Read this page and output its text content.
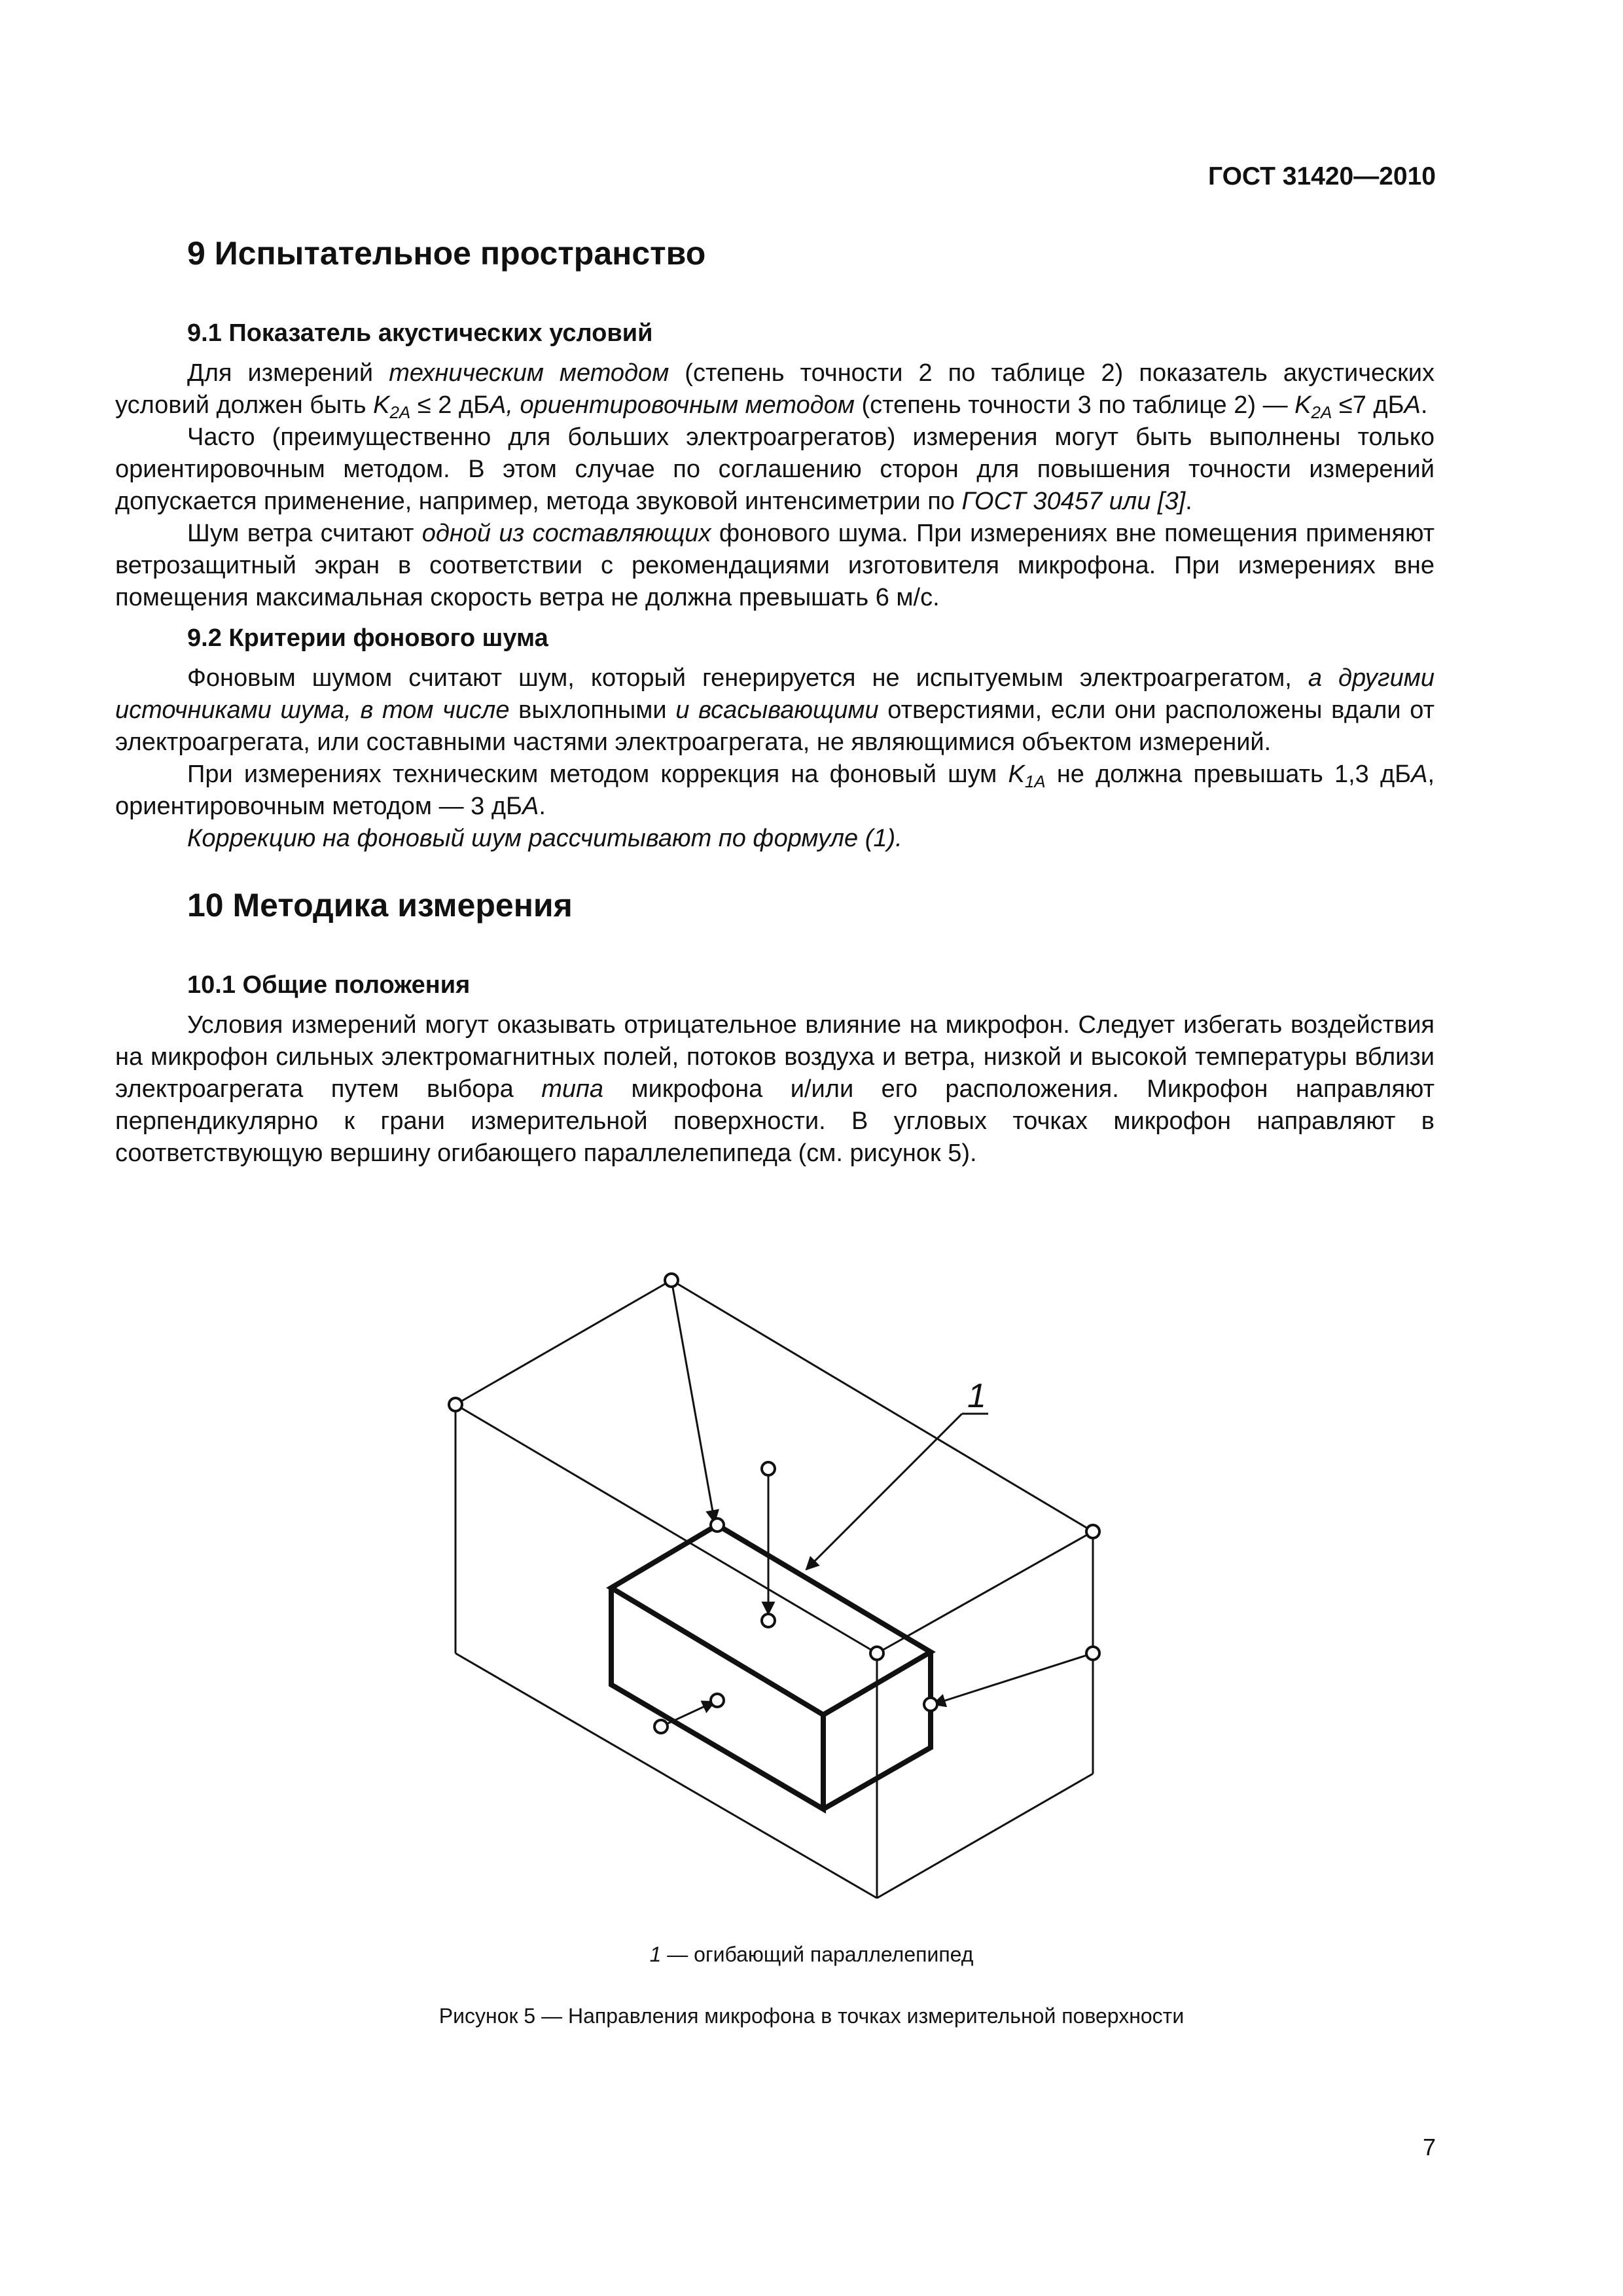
ГОСТ 31420—2010
9 Испытательное пространство
9.1 Показатель акустических условий

Для измерений техническим методом (степень точности 2 по таблице 2) показатель акустических условий должен быть $K_{2A} \le 2$ дБA, ориентировочным методом (степень точности 3 по таблице 2) — $K_{2A} \le 7$ дБA.

Часто (преимущественно для больших электроагрегатов) измерения могут быть выполнены только ориентировочным методом. В этом случае по соглашению сторон для повышения точности измерений допускается применение, например, метода звуковой интенсиметрии по ГОСТ 30457 или [3].

Шум ветра считают одной из составляющих фонового шума. При измерениях вне помещения применяют ветрозащитный экран в соответствии с рекомендациями изготовителя микрофона. При измерениях вне помещения максимальная скорость ветра не должна превышать 6 м/с.

9.2 Критерии фонового шума

Фоновым шумом считают шум, который генерируется не испытуемым электроагрегатом, а другими источниками шума, в том числе выхлопными и всасывающими отверстиями, если они расположены вдали от электроагрегата, или составными частями электроагрегата, не являющимися объектом измерений.

При измерениях техническим методом коррекция на фоновый шум $K_{1A}$ не должна превышать 1,3 дБA, ориентировочным методом — 3 дБA.

Коррекцию на фоновый шум рассчитывают по формуле (1).

10 Методика измерения
10.1 Общие положения

Условия измерений могут оказывать отрицательное влияние на микрофон. Следует избегать воздействия на микрофон сильных электромагнитных полей, потоков воздуха и ветра, низкой и высокой температуры вблизи электроагрегата путем выбора типа микрофона и/или его расположения. Микрофон направляют перпендикулярно к грани измерительной поверхности. В угловых точках микрофон направляют в соответствующую вершину огибающего параллелепипеда (см. рисунок 5).

1
1 — огибающий параллелепипед
Рисунок 5 — Направления микрофона в точках измерительной поверхности
7
